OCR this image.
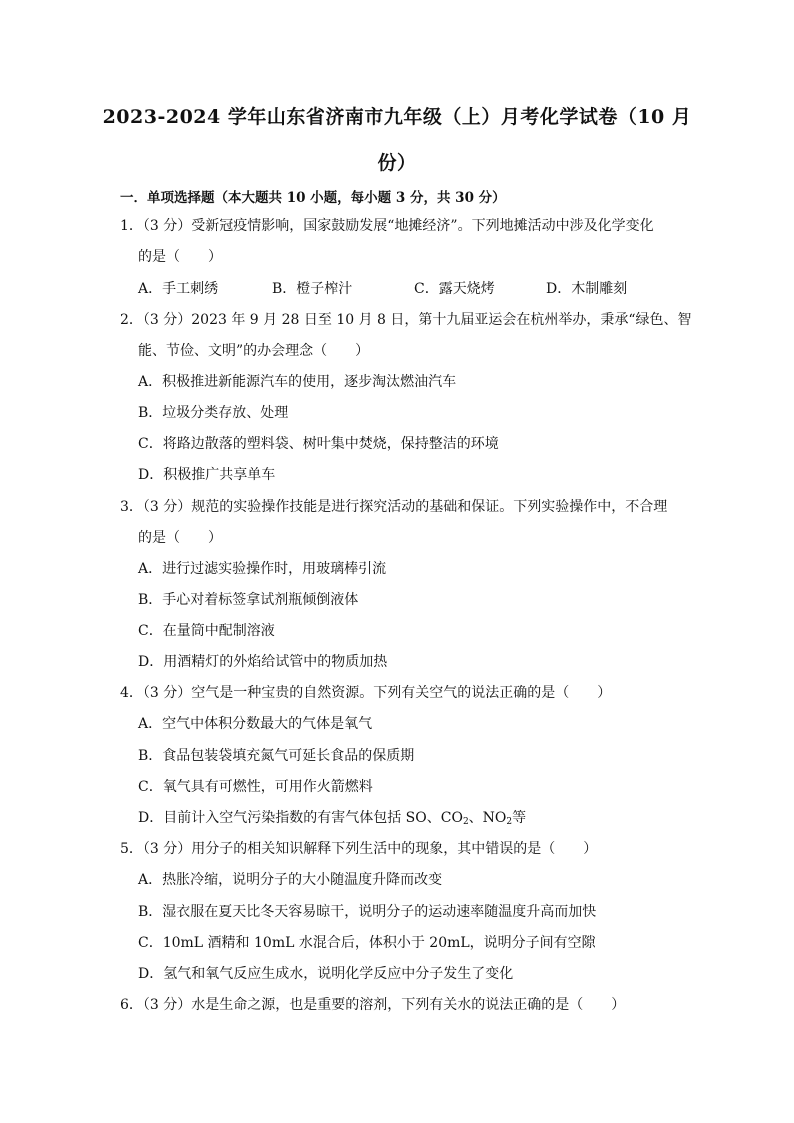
2023-2024 学年山东省济南市九年级（上）月考化学试卷（10 月
份）
一．单项选择题（本大题共 10 小题，每小题 3 分，共 30 分）
1．（3 分）受新冠疫情影响，国家鼓励发展“地摊经济”。下列地摊活动中涉及化学变化
的是（　　）
A．手工刺绣	B．橙子榨汁	C．露天烧烤	D．木制雕刻
2．（3 分）2023 年 9 月 28 日至 10 月 8 日，第十九届亚运会在杭州举办，秉承“绿色、智
能、节俭、文明”的办会理念（　　）
A．积极推进新能源汽车的使用，逐步淘汰燃油汽车
B．垃圾分类存放、处理
C．将路边散落的塑料袋、树叶集中焚烧，保持整洁的环境
D．积极推广共享单车
3．（3 分）规范的实验操作技能是进行探究活动的基础和保证。下列实验操作中，不合理
的是（　　）
A．进行过滤实验操作时，用玻璃棒引流
B．手心对着标签拿试剂瓶倾倒液体
C．在量筒中配制溶液
D．用酒精灯的外焰给试管中的物质加热
4．（3 分）空气是一种宝贵的自然资源。下列有关空气的说法正确的是（　　）
A．空气中体积分数最大的气体是氧气
B．食品包装袋填充氮气可延长食品的保质期
C．氧气具有可燃性，可用作火箭燃料
D．目前计入空气污染指数的有害气体包括 SO、$CO_2$、$NO_2$等
5．（3 分）用分子的相关知识解释下列生活中的现象，其中错误的是（　　）
A．热胀冷缩，说明分子的大小随温度升降而改变
B．湿衣服在夏天比冬天容易晾干，说明分子的运动速率随温度升高而加快
C．10mL 酒精和 10mL 水混合后，体积小于 20mL，说明分子间有空隙
D．氢气和氧气反应生成水，说明化学反应中分子发生了变化
6．（3 分）水是生命之源，也是重要的溶剂，下列有关水的说法正确的是（　　）
